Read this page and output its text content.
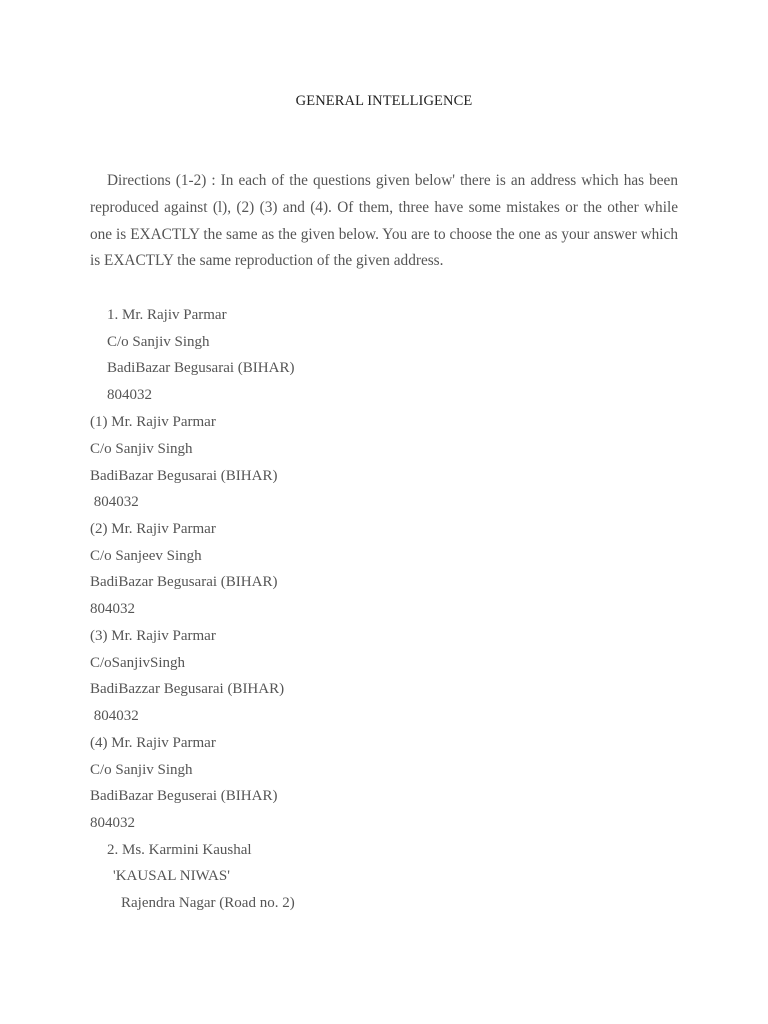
GENERAL INTELLIGENCE

Directions (1-2) : In each of the questions given below' there is an address which has been reproduced against (l), (2) (3) and (4). Of them, three have some mistakes or the other while one is EXACTLY the same as the given below. You are to choose the one as your answer which is EXACTLY the same reproduction of the given address.

1. Mr. Rajiv Parmar
C/o Sanjiv Singh
BadiBazar Begusarai (BIHAR)
804032
(1) Mr. Rajiv Parmar
C/o Sanjiv Singh
BadiBazar Begusarai (BIHAR)
804032
(2) Mr. Rajiv Parmar
C/o Sanjeev Singh
BadiBazar Begusarai (BIHAR)
804032
(3) Mr. Rajiv Parmar
C/oSanjivSingh
BadiBazzar Begusarai (BIHAR)
804032
(4) Mr. Rajiv Parmar
C/o Sanjiv Singh
BadiBazar Beguserai (BIHAR)
804032
2. Ms. Karmini Kaushal
'KAUSAL NIWAS'
Rajendra Nagar (Road no. 2)
